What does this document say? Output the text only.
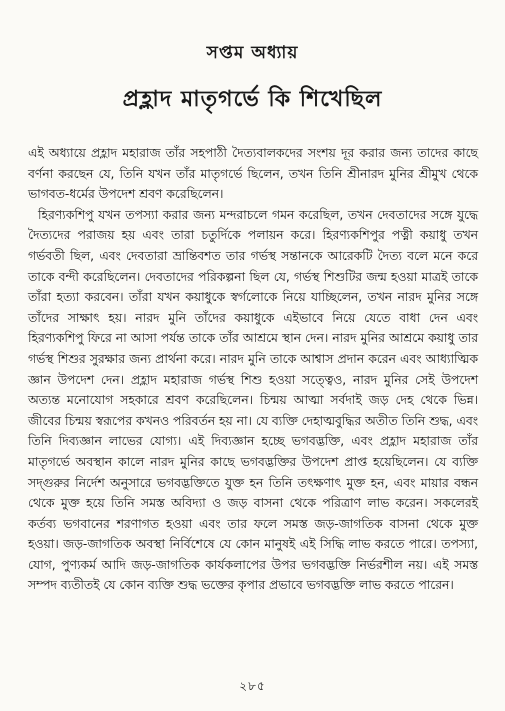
সপ্তম অধ্যায়
প্রহ্লাদ মাতৃগর্ভে কি শিখেছিল

এই অধ্যায়ে প্রহ্লাদ মহারাজ তাঁর সহপাঠী দৈত্যবালকদের সংশয় দূর করার জন্য তাদের কাছে বর্ণনা করছেন যে, তিনি যখন তাঁর মাতৃগর্ভে ছিলেন, তখন তিনি শ্রীনারদ মুনির শ্রীমুখ থেকে ভাগবত-ধর্মের উপদেশ শ্রবণ করেছিলেন।

হিরণ্যকশিপু যখন তপস্যা করার জন্য মন্দরাচলে গমন করেছিল, তখন দেবতাদের সঙ্গে যুদ্ধে দৈত্যদের পরাজয় হয় এবং তারা চতুর্দিকে পলায়ন করে। হিরণ্যকশিপুর পত্নী কয়াধু তখন গর্ভবতী ছিল, এবং দেবতারা ভ্রান্তিবশত তার গর্ভস্থ সন্তানকে আরেকটি দৈত্য বলে মনে করে তাকে বন্দী করেছিলেন। দেবতাদের পরিকল্পনা ছিল যে, গর্ভস্থ শিশুটির জন্ম হওয়া মাত্রই তাকে তাঁরা হত্যা করবেন। তাঁরা যখন কয়াধুকে স্বর্গলোকে নিয়ে যাচ্ছিলেন, তখন নারদ মুনির সঙ্গে তাঁদের সাক্ষাৎ হয়। নারদ মুনি তাঁদের কয়াধুকে এইভাবে নিয়ে যেতে বাধা দেন এবং হিরণ্যকশিপু ফিরে না আসা পর্যন্ত তাকে তাঁর আশ্রমে স্থান দেন। নারদ মুনির আশ্রমে কয়াধু তার গর্ভস্থ শিশুর সুরক্ষার জন্য প্রার্থনা করে। নারদ মুনি তাকে আশ্বাস প্রদান করেন এবং আধ্যাত্মিক জ্ঞান উপদেশ দেন। প্রহ্লাদ মহারাজ গর্ভস্থ শিশু হওয়া সত্ত্বেও, নারদ মুনির সেই উপদেশ অত্যন্ত মনোযোগ সহকারে শ্রবণ করেছিলেন। চিন্ময় আত্মা সর্বদাই জড় দেহ থেকে ভিন্ন। জীবের চিন্ময় স্বরূপের কখনও পরিবর্তন হয় না। যে ব্যক্তি দেহাত্মবুদ্ধির অতীত তিনি শুদ্ধ, এবং তিনি দিব্যজ্ঞান লাভের যোগ্য। এই দিব্যজ্ঞান হচ্ছে ভগবদ্ভক্তি, এবং প্রহ্লাদ মহারাজ তাঁর মাতৃগর্ভে অবস্থান কালে নারদ মুনির কাছে ভগবদ্ভক্তির উপদেশ প্রাপ্ত হয়েছিলেন। যে ব্যক্তি সদ্গুরুর নির্দেশ অনুসারে ভগবদ্ভক্তিতে যুক্ত হন তিনি তৎক্ষণাৎ মুক্ত হন, এবং মায়ার বন্ধন থেকে মুক্ত হয়ে তিনি সমস্ত অবিদ্যা ও জড় বাসনা থেকে পরিত্রাণ লাভ করেন। সকলেরই কর্তব্য ভগবানের শরণাগত হওয়া এবং তার ফলে সমস্ত জড়-জাগতিক বাসনা থেকে মুক্ত হওয়া। জড়-জাগতিক অবস্থা নির্বিশেষে যে কোন মানুষই এই সিদ্ধি লাভ করতে পারে। তপস্যা, যোগ, পুণ্যকর্ম আদি জড়-জাগতিক কার্যকলাপের উপর ভগবদ্ভক্তি নির্ভরশীল নয়। এই সমস্ত সম্পদ ব্যতীতই যে কোন ব্যক্তি শুদ্ধ ভক্তের কৃপার প্রভাবে ভগবদ্ভক্তি লাভ করতে পারেন।

২৮৫
